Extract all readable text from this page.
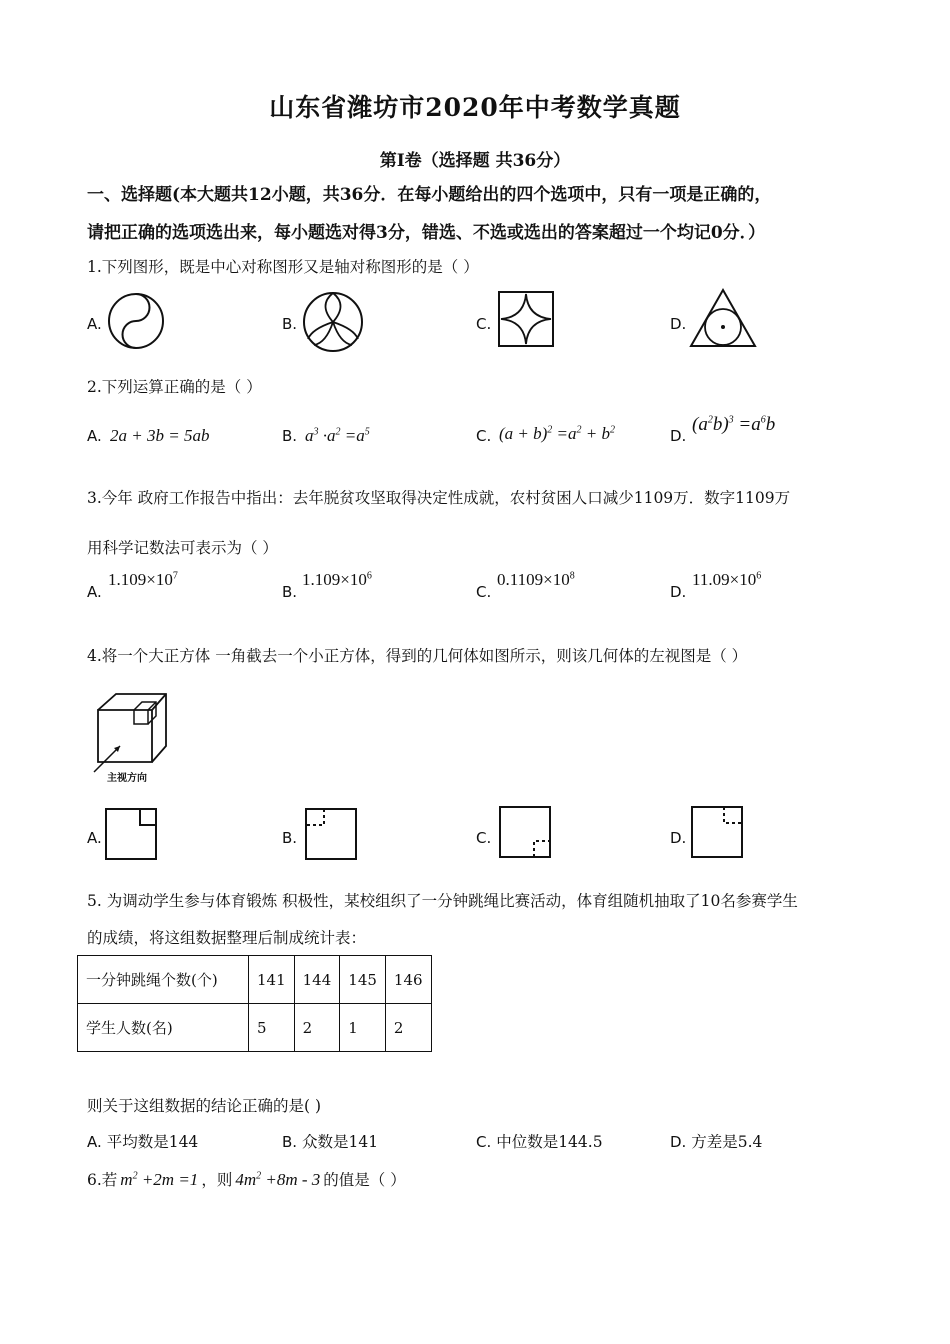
山东省潍坊市2020年中考数学真题
第Ⅰ卷（选择题 共36分）
一、选择题(本大题共12小题，共36分．在每小题给出的四个选项中，只有一项是正确的，
请把正确的选项选出来，每小题选对得3分，错选、不选或选出的答案超过一个均记0分．）
1.下列图形，既是中心对称图形又是轴对称图形的是（ ）
A.	B.	C.	D.
2.下列运算正确的是（ ）
A. 2a + 3b = 5ab	B. $a^3 \cdot a^2 =a^5$	C. $(a + b)^2 =a^2 + b^2$	D.
$(a^2b)^3 =a^6b$
3.今年 政府工作报告中指出：去年脱贫攻坚取得决定性成就，农村贫困人口减少1109万．数字1109万
用科学记数法可表示为（ ）
A.
$1.109\times 10^7$
B.
$1.109\times 10^6$
C.
$0.1109\times 10^8$
D.
$11.09\times 10^6$
4.将一个大正方体 一角截去一个小正方体，得到的几何体如图所示，则该几何体的左视图是（ ）
主视方向
A.	B.	C.	D.
5. 为调动学生参与体育锻炼 积极性，某校组织了一分钟跳绳比赛活动，体育组随机抽取了10名参赛学生
的成绩，将这组数据整理后制成统计表：
一分钟跳绳个数(个)	141	144	145	146
学生人数(名)	5	2	1	2
则关于这组数据的结论正确的是( )
A. 平均数是144	B. 众数是141	C. 中位数是144.5	D. 方差是5.4
6.若 $m^2 +2m =1$ ，则 $4m^2 +8m - 3$ 的值是（ ）
